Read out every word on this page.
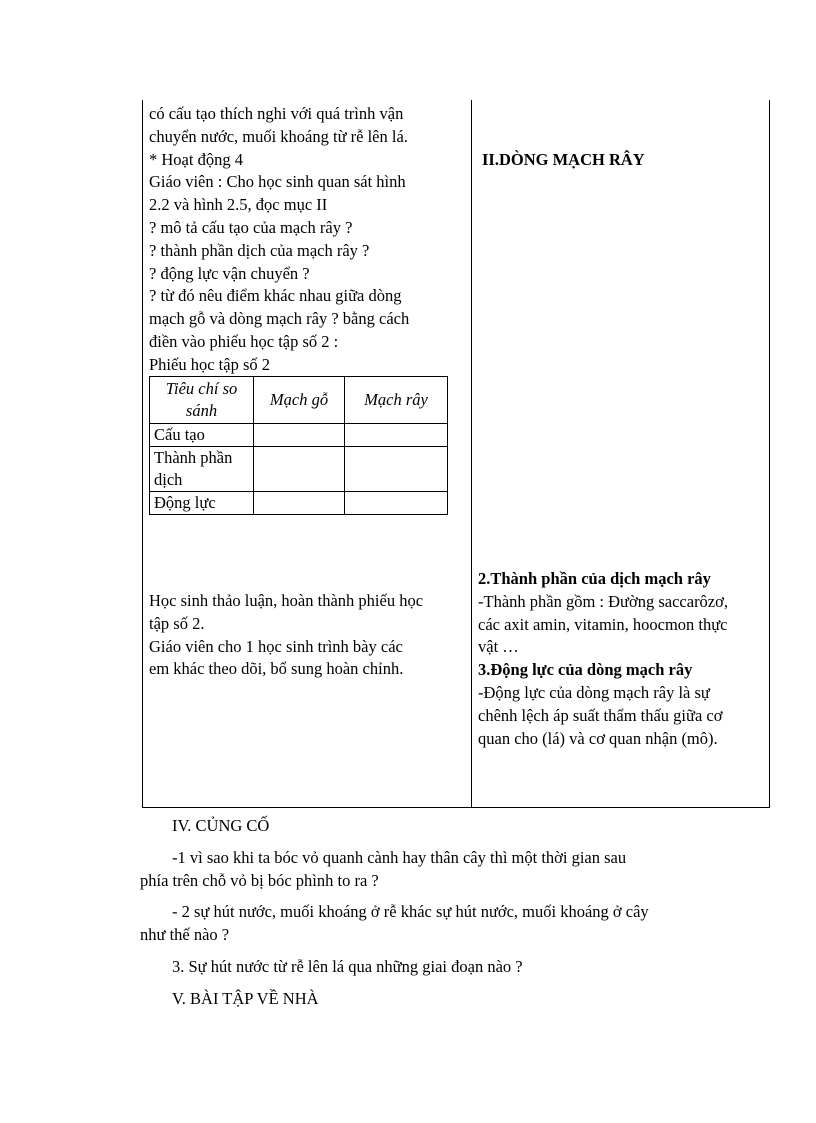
có cấu tạo thích nghi với quá trình vận
chuyển nước, muối khoáng từ rễ lên lá.
* Hoạt động 4
Giáo viên : Cho học sinh quan sát hình
2.2 và hình 2.5, đọc mục II
? mô tả cấu tạo của mạch rây ?
? thành phần dịch của mạch rây ?
? động lực vận chuyển ?
? từ đó nêu điểm khác nhau giữa dòng
mạch gỗ và dòng mạch rây ? bằng cách
điền vào phiếu học tập số 2 :
Phiếu học tập số 2
Học sinh thảo luận, hoàn thành phiếu học
tập số 2.
Giáo viên cho 1 học sinh trình bày các
em khác theo dõi, bổ sung hoàn chỉnh.
2.Thành phần của dịch mạch rây
-Thành phần gồm : Đường saccarôzơ,
các axit amin, vitamin, hoocmon thực
vật …
3.Động lực của dòng mạch rây
-Động lực của dòng mạch rây là sự
chênh lệch áp suất thẩm thấu giữa cơ
quan cho (lá) và cơ quan nhận (mô).
II.DÒNG MẠCH RÂY
Tiêu chí so sánh	Mạch gỗ	Mạch rây
Cấu tạo		
Thành phần dịch		
Động lực		

IV. CỦNG CỐ

-1 vì sao khi ta bóc vỏ quanh cành hay thân cây thì một thời gian sau

phía trên chỗ vỏ bị bóc phình to ra ?

- 2 sự hút nước, muối khoáng ở rễ khác sự hút nước, muối khoáng ở cây

như thế nào ?

3. Sự hút nước từ rễ lên lá qua những giai đoạn nào ?

V. BÀI TẬP VỀ NHÀ
